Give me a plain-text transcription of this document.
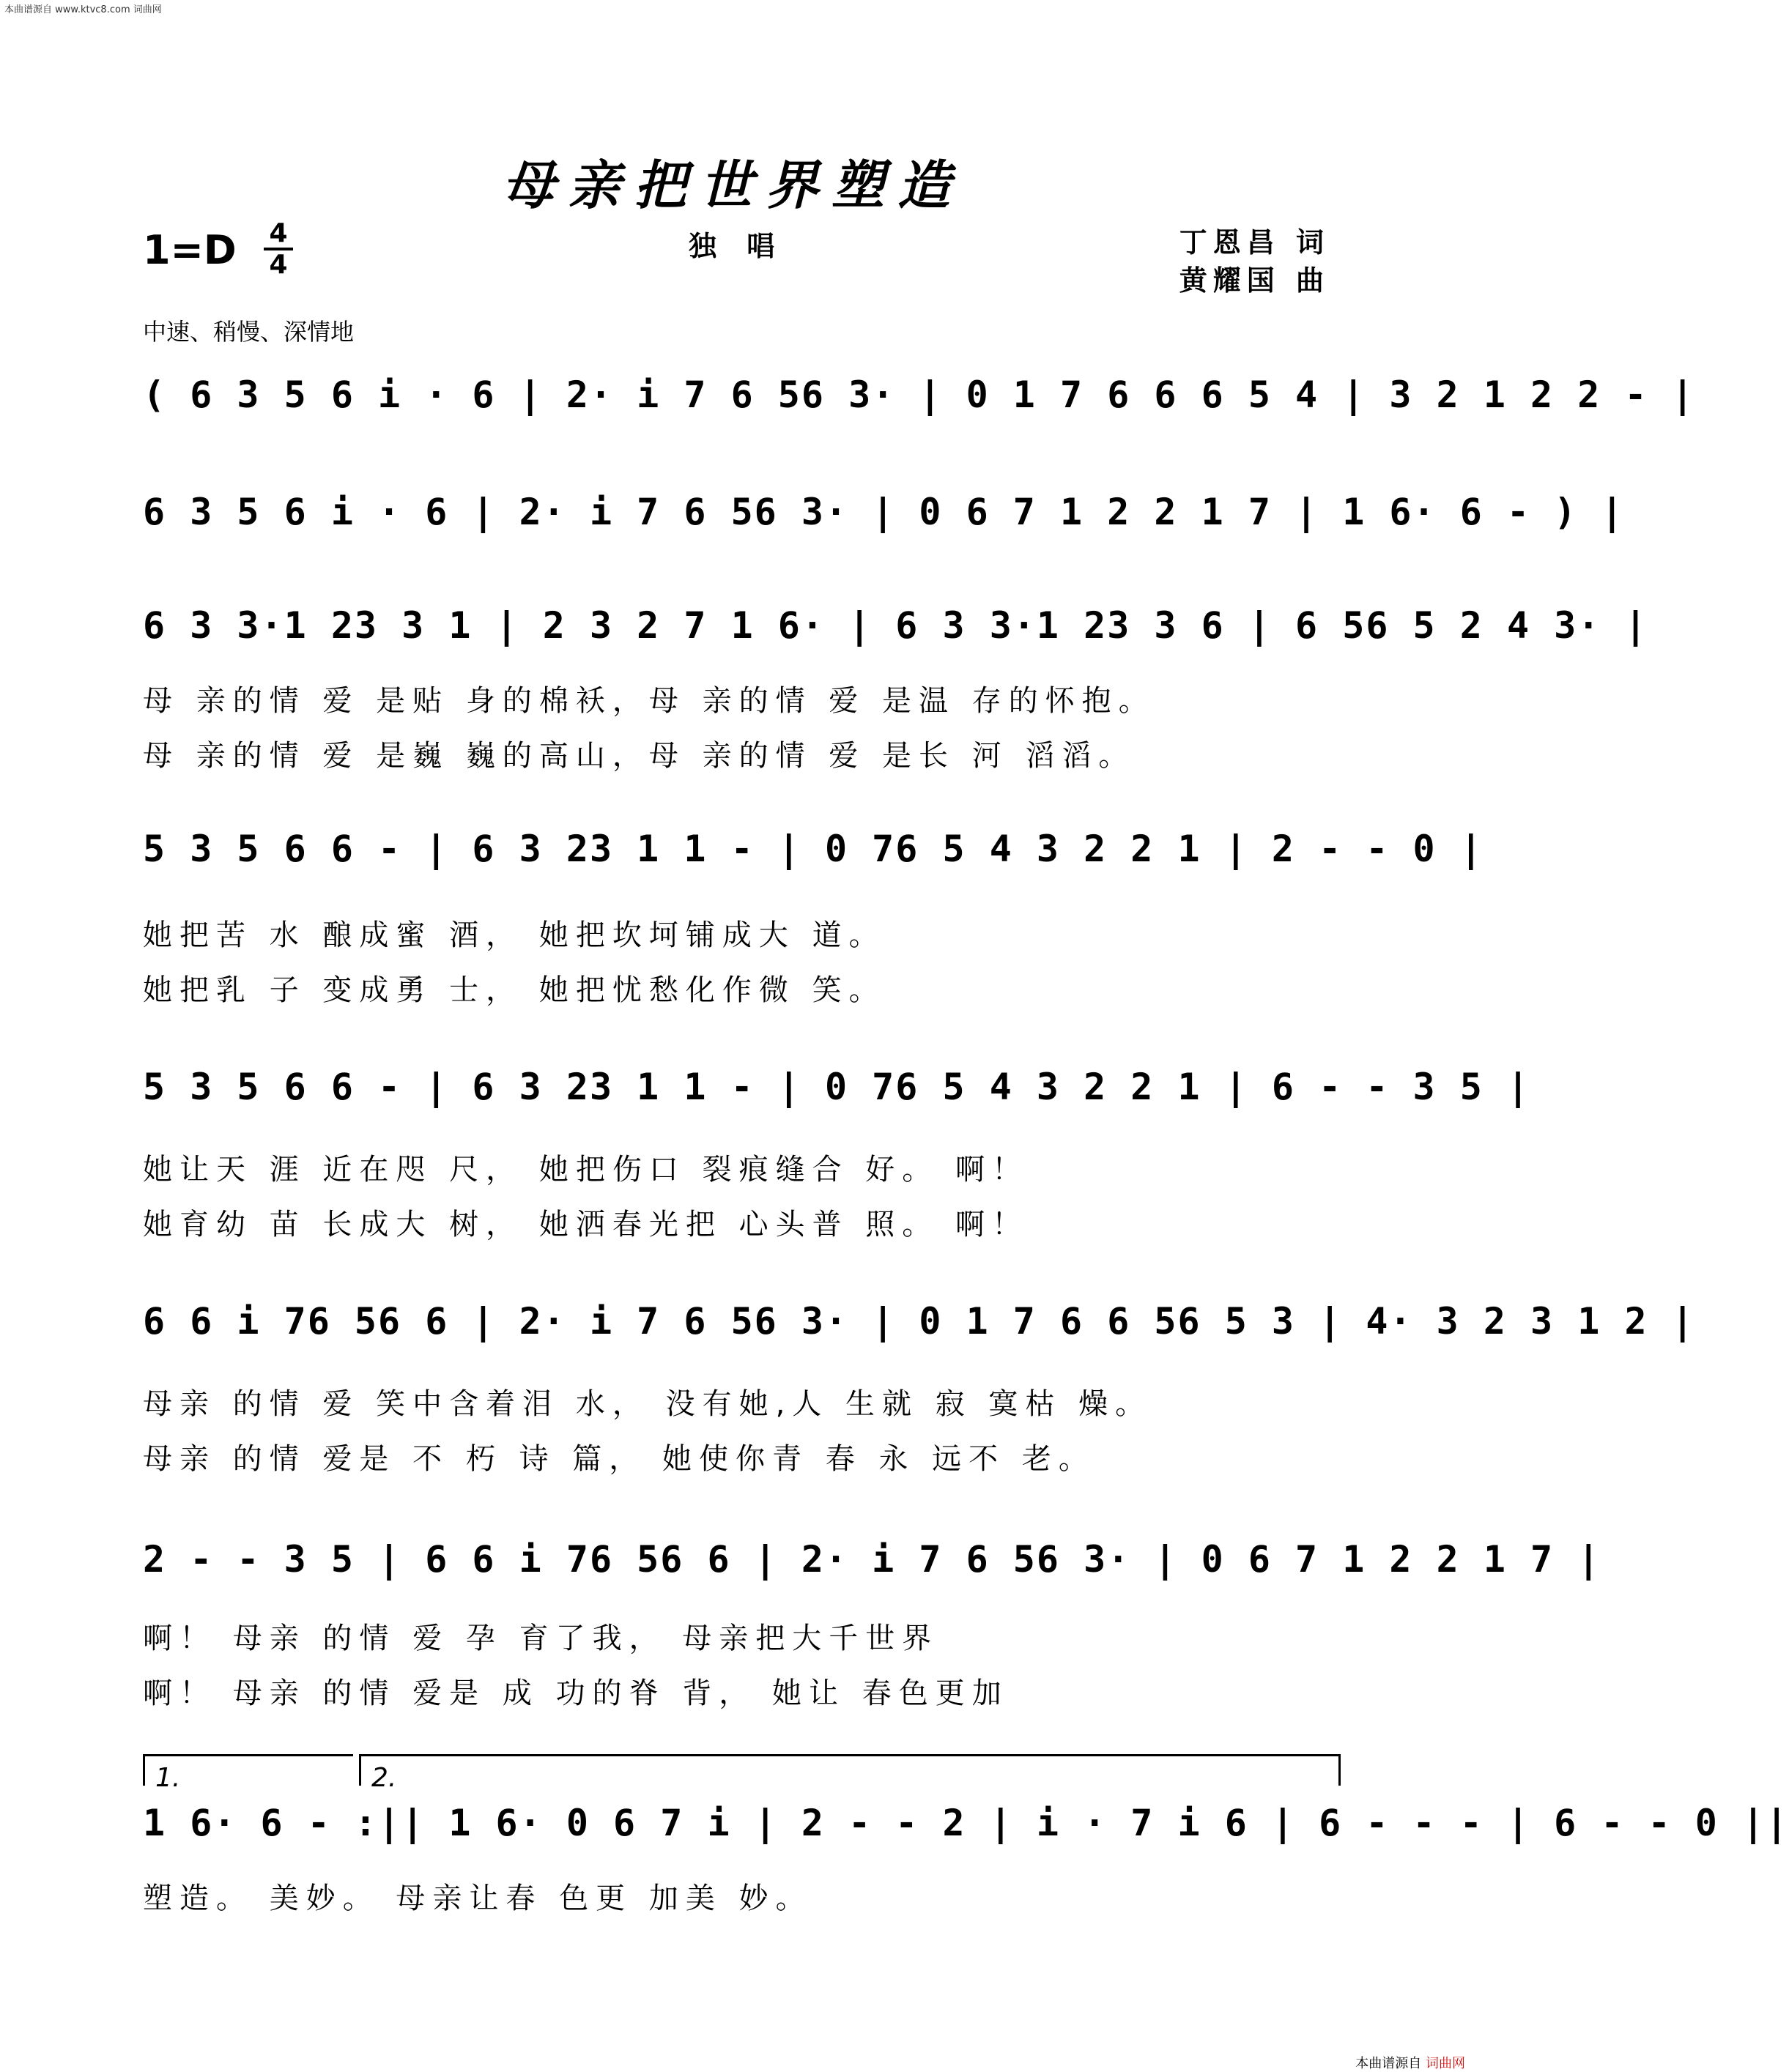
本曲谱源自 www.ktvc8.com 词曲网
母亲把世界塑造
$1=D \frac{4}{4}$	独 唱	丁恩昌 词
黄耀国 曲
中速、稍慢、深情地
( 6 3 5 6 i · 6 | 2· i 7 6 56 3· | 0 1 7 6 6 6 5 4 | 3 2 1 2 2 - |
6 3 5 6 i · 6 | 2· i 7 6 56 3· | 0 6 7 1 2 2 1 7 | 1 6· 6 - ) |
6 3 3·1 23 3 1 | 2 3 2 7 1 6· | 6 3 3·1 23 3 6 | 6 56 5 2 4 3· |
母 亲的情 爱 是贴 身的棉袄，母 亲的情 爱 是温 存的怀抱。
母 亲的情 爱 是巍 巍的高山，母 亲的情 爱 是长 河 滔滔。
5 3 5 6 6 - | 6 3 23 1 1 - | 0 76 5 4 3 2 2 1 | 2 - - 0 |
她把苦 水 酿成蜜 酒， 她把坎坷铺成大 道。
她把乳 子 变成勇 士， 她把忧愁化作微 笑。
5 3 5 6 6 - | 6 3 23 1 1 - | 0 76 5 4 3 2 2 1 | 6 - - 3 5 |
她让天 涯 近在咫 尺， 她把伤口 裂痕缝合 好。 啊！
她育幼 苗 长成大 树， 她洒春光把 心头普 照。 啊！
6 6 i 76 56 6 | 2· i 7 6 56 3· | 0 1 7 6 6 56 5 3 | 4· 3 2 3 1 2 |
母亲 的情 爱 笑中含着泪 水， 没有她,人 生就 寂 寞枯 燥。
母亲 的情 爱是 不 朽 诗 篇， 她使你青 春 永 远不 老。
2 - - 3 5 | 6 6 i 76 56 6 | 2· i 7 6 56 3· | 0 6 7 1 2 2 1 7 |
啊！ 母亲 的情 爱 孕 育了我， 母亲把大千世界
啊！ 母亲 的情 爱是 成 功的脊 背， 她让 春色更加
1.	2.
1 6· 6 - :|| 1 6· 0 6 7 i | 2 - - 2 | i · 7 i 6 | 6 - - - | 6 - - 0 ||
塑造。 美妙。 母亲让春 色更 加美 妙。
本曲谱源自 词曲网
